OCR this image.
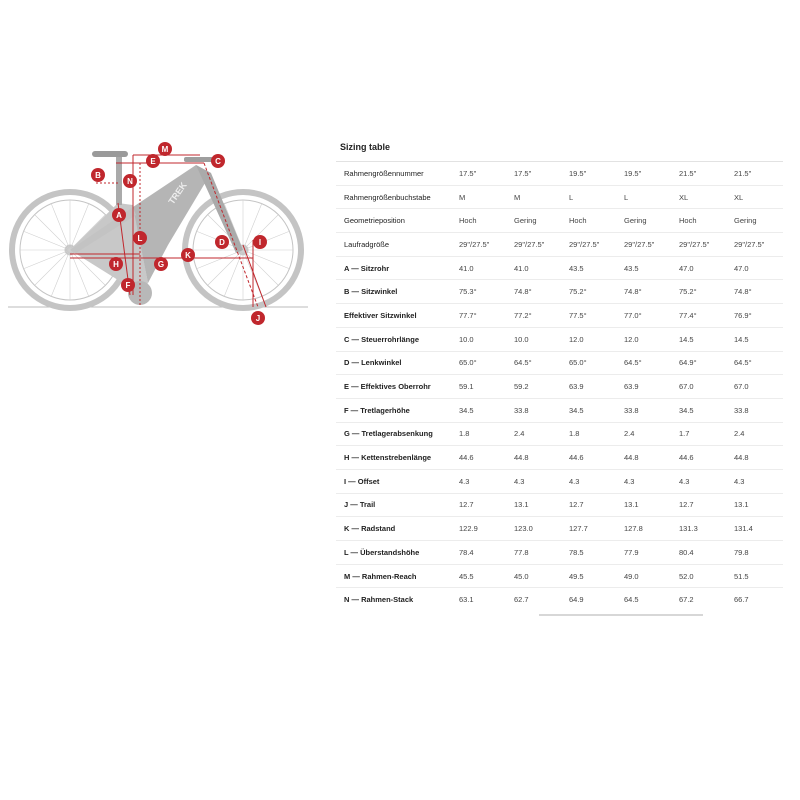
TREK
M
E	C
B
N
A
L	D	I
K
H	G
F
J
Sizing table
Rahmengrößennummer	17.5"	17.5"	19.5"	19.5"	21.5"	21.5"
Rahmengrößenbuchstabe	M	M	L	L	XL	XL
Geometrieposition	Hoch	Gering	Hoch	Gering	Hoch	Gering
Laufradgröße	29"/27.5"	29"/27.5"	29"/27.5"	29"/27.5"	29"/27.5"	29"/27.5"
A — Sitzrohr	41.0	41.0	43.5	43.5	47.0	47.0
B — Sitzwinkel	75.3°	74.8°	75.2°	74.8°	75.2°	74.8°
Effektiver Sitzwinkel	77.7°	77.2°	77.5°	77.0°	77.4°	76.9°
C — Steuerrohrlänge	10.0	10.0	12.0	12.0	14.5	14.5
D — Lenkwinkel	65.0°	64.5°	65.0°	64.5°	64.9°	64.5°
E — Effektives Oberrohr	59.1	59.2	63.9	63.9	67.0	67.0
F — Tretlagerhöhe	34.5	33.8	34.5	33.8	34.5	33.8
G — Tretlagerabsenkung	1.8	2.4	1.8	2.4	1.7	2.4
H — Kettenstrebenlänge	44.6	44.8	44.6	44.8	44.6	44.8
I — Offset	4.3	4.3	4.3	4.3	4.3	4.3
J — Trail	12.7	13.1	12.7	13.1	12.7	13.1
K — Radstand	122.9	123.0	127.7	127.8	131.3	131.4
L — Überstandshöhe	78.4	77.8	78.5	77.9	80.4	79.8
M — Rahmen-Reach	45.5	45.0	49.5	49.0	52.0	51.5
N — Rahmen-Stack	63.1	62.7	64.9	64.5	67.2	66.7
